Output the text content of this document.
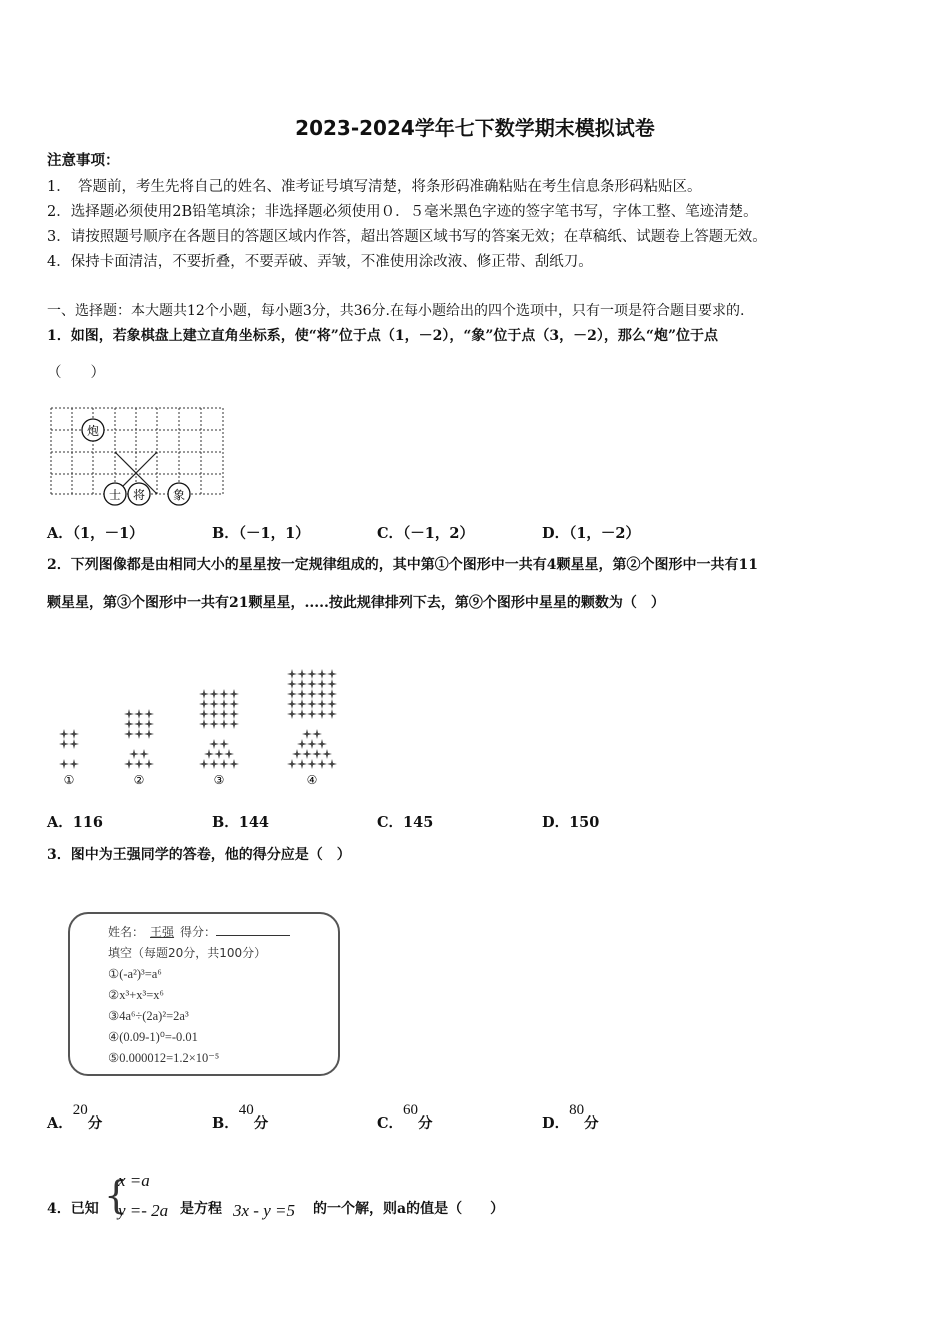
2023-2024学年七下数学期末模拟试卷
注意事项：
1．　答题前，考生先将自己的姓名、准考证号填写清楚，将条形码准确粘贴在考生信息条形码粘贴区。
2．选择题必须使用2B铅笔填涂；非选择题必须使用０．５毫米黑色字迹的签字笔书写，字体工整、笔迹清楚。
3．请按照题号顺序在各题目的答题区域内作答，超出答题区域书写的答案无效；在草稿纸、试题卷上答题无效。
4．保持卡面清洁，不要折叠，不要弄破、弄皱，不准使用涂改液、修正带、刮纸刀。
一、选择题：本大题共12个小题，每小题3分，共36分.在每小题给出的四个选项中，只有一项是符合题目要求的.
1．如图，若象棋盘上建立直角坐标系，使“将”位于点（1，－2），“象”位于点（3，－2），那么“炮”位于点
（　　）
炮
士 将 象
A．（1，－1）	B．（－1，1）	C．（－1，2）	D．（1，－2）
2．下列图像都是由相同大小的星星按一定规律组成的，其中第①个图形中一共有4颗星星，第②个图形中一共有11
颗星星，第③个图形中一共有21颗星星，.....按此规律排列下去，第⑨个图形中星星的颗数为（　）
①	②	③	④
A．116	B．144	C．145	D．150
3．图中为王强同学的答卷，他的得分应是（　）
姓名： 王强 得分：
填空（每题20分，共100分）
①(-a²)³=a⁶
②x³+x³=x⁶
③4a⁶÷(2a)²=2a³
④(0.09-1)⁰=-0.01
⑤0.000012=1.2×10⁻⁵
A．20分	B．40分	C．60分	D．80分
4．已知 {
x =a
y =- 2a 是方程 3x - y =5 的一个解，则a的值是（　　）
